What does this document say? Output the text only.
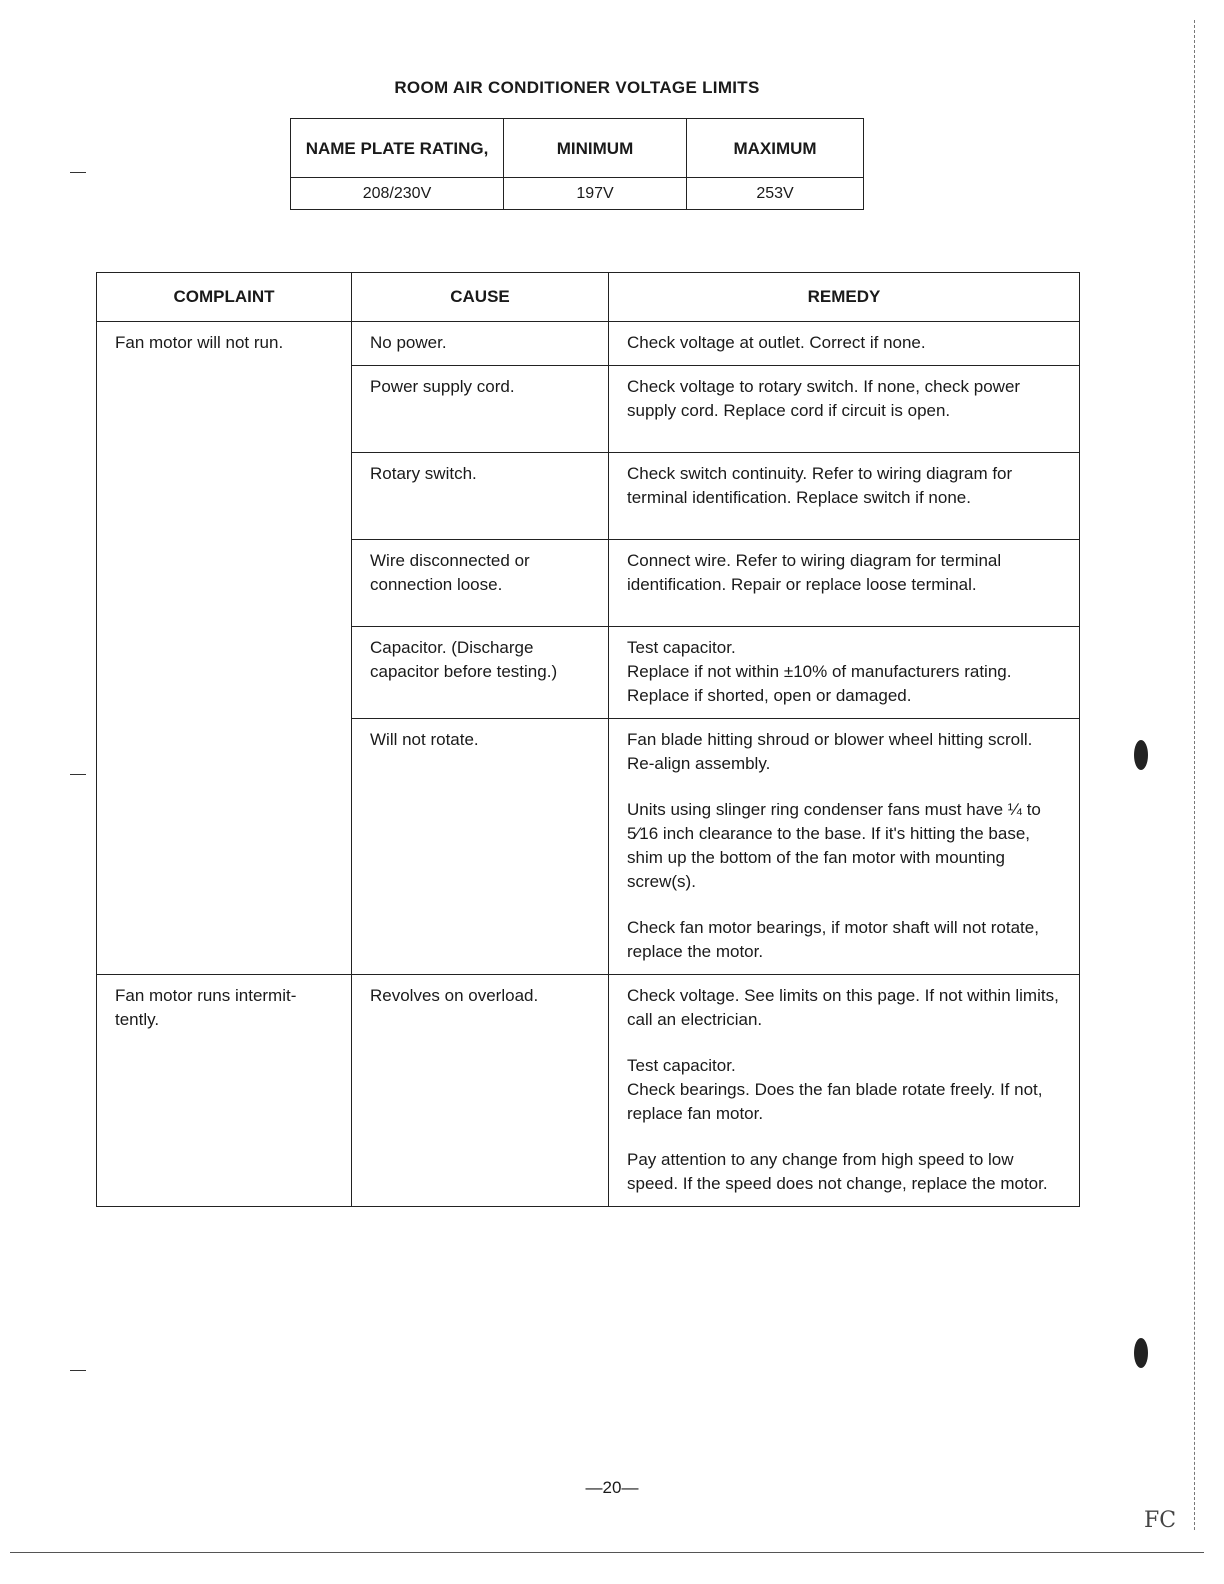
ROOM AIR CONDITIONER VOLTAGE LIMITS
NAME PLATE RATING,	MINIMUM	MAXIMUM
208/230V	197V	253V
COMPLAINT	CAUSE	REMEDY
Fan motor will not run.	No power.	Check voltage at outlet. Correct if none.

	Power supply cord.	Check voltage to rotary switch. If none, check power supply cord. Replace cord if circuit is open.

	Rotary switch.	Check switch continuity. Refer to wiring diagram for terminal identification. Replace switch if none.

	Wire disconnected or connection loose.	Connect wire. Refer to wiring diagram for terminal identification. Repair or replace loose terminal.

	Capacitor. (Discharge capacitor before testing.)	Test capacitor.
Replace if not within ±10% of manufacturers rating. Replace if shorted, open or damaged.

	Will not rotate.	Fan blade hitting shroud or blower wheel hitting scroll. Re-align assembly.

Units using slinger ring condenser fans must have ¼ to 5⁄16 inch clearance to the base. If it's hitting the base, shim up the bottom of the fan motor with mounting screw(s).

Check fan motor bearings, if motor shaft will not rotate, replace the motor.

Fan motor runs intermit- tently.	Revolves on overload.	Check voltage. See limits on this page. If not within limits, call an electrician.

Test capacitor.
Check bearings. Does the fan blade rotate freely. If not, replace fan motor.

Pay attention to any change from high speed to low speed. If the speed does not change, replace the motor.

—20—
FC
